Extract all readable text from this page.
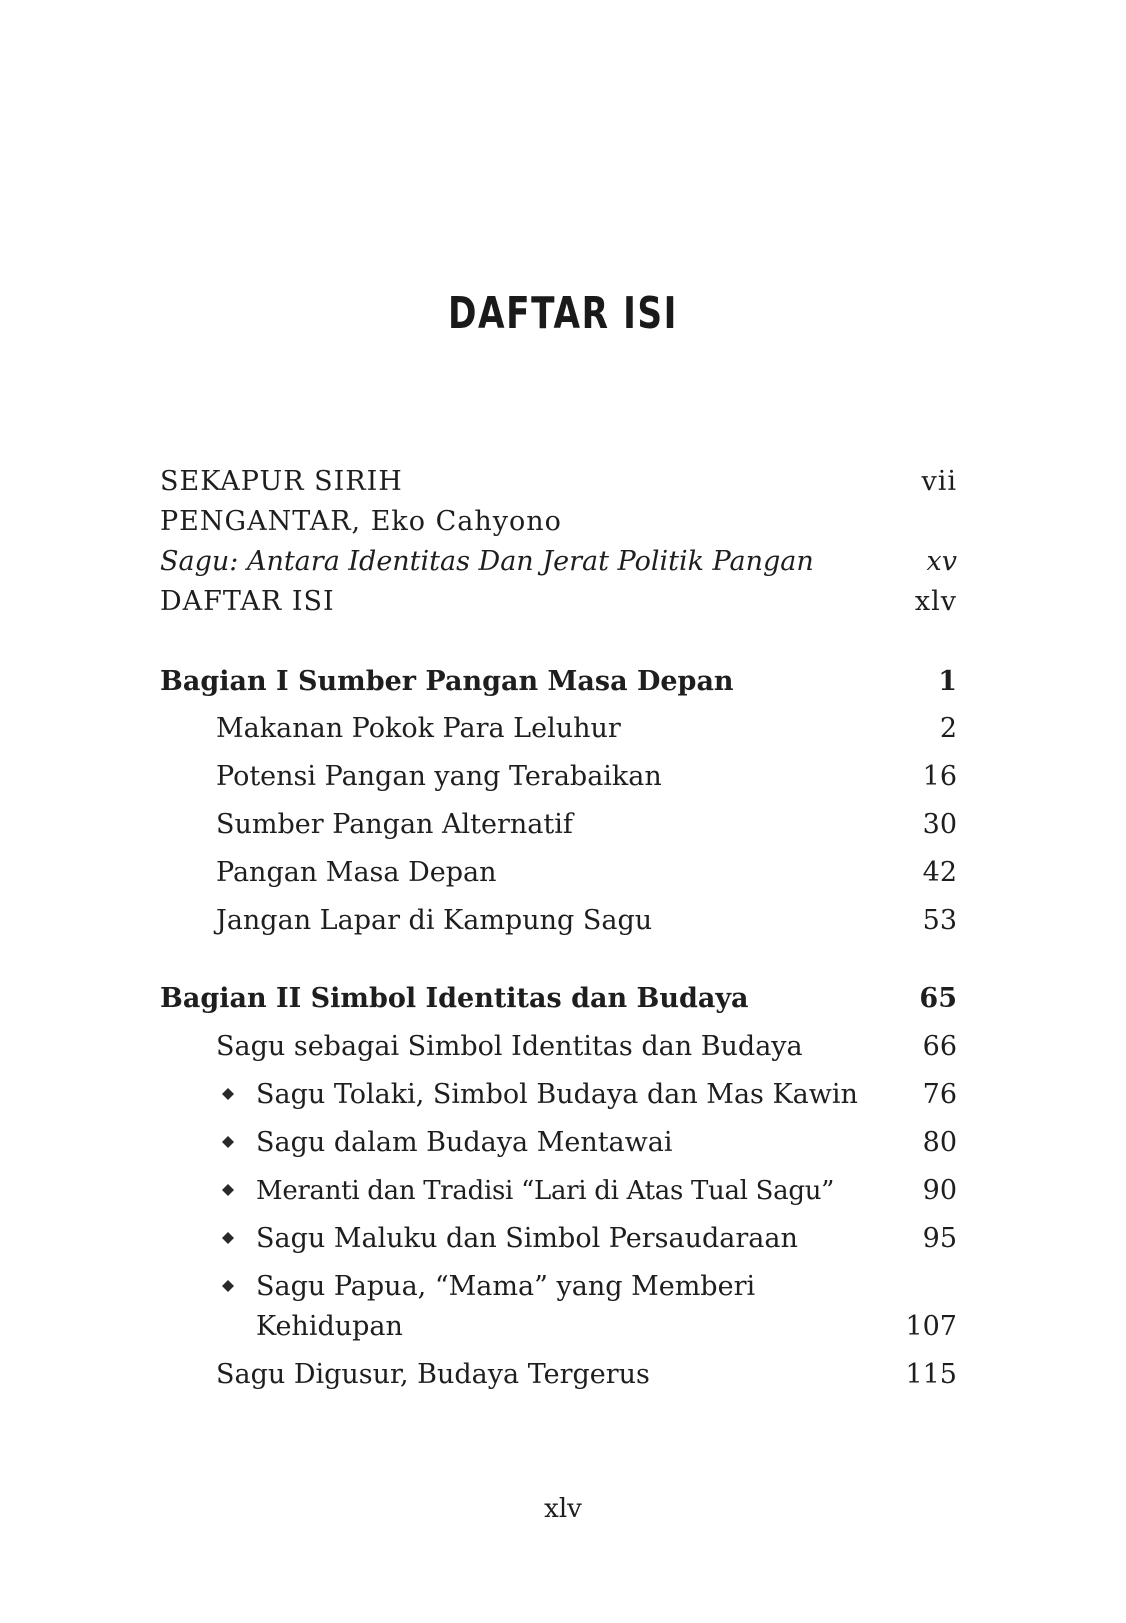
DAFTAR ISI
SEKAPUR SIRIH	vii
PENGANTAR, Eko Cahyono
Sagu: Antara Identitas Dan Jerat Politik Pangan	xv
DAFTAR ISI	xlv
Bagian I Sumber Pangan Masa Depan	1
Makanan Pokok Para Leluhur	2
Potensi Pangan yang Terabaikan	16
Sumber Pangan Alternatif	30
Pangan Masa Depan	42
Jangan Lapar di Kampung Sagu	53
Bagian II Simbol Identitas dan Budaya	65
Sagu sebagai Simbol Identitas dan Budaya	66
Sagu Tolaki, Simbol Budaya dan Mas Kawin 76
Sagu dalam Budaya Mentawai	80
Meranti dan Tradisi “Lari di Atas Tual Sagu”	90
Sagu Maluku dan Simbol Persaudaraan	95
Sagu Papua, “Mama” yang Memberi
Kehidupan	107
Sagu Digusur, Budaya Tergerus	115
xlv
